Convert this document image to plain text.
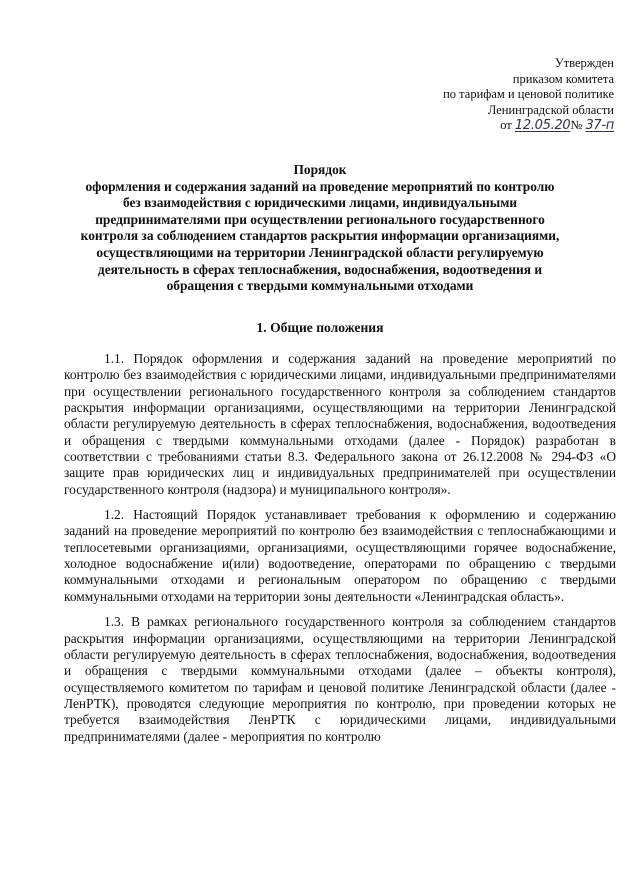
Утвержден
приказом комитета
по тарифам и ценовой политике
Ленинградской области
от 12.05.20№ 37-п
Порядок
оформления и содержания заданий на проведение мероприятий по контролю
без взаимодействия с юридическими лицами, индивидуальными
предпринимателями при осуществлении регионального государственного
контроля за соблюдением стандартов раскрытия информации организациями,
осуществляющими на территории Ленинградской области регулируемую
деятельность в сферах теплоснабжения, водоснабжения, водоотведения и
обращения с твердыми коммунальными отходами
1. Общие положения

1.1. Порядок оформления и содержания заданий на проведение мероприятий по контролю без взаимодействия с юридическими лицами, индивидуальными предпринимателями при осуществлении регионального государственного контроля за соблюдением стандартов раскрытия информации организациями, осуществляющими на территории Ленинградской области регулируемую деятельность в сферах теплоснабжения, водоснабжения, водоотведения и обращения с твердыми коммунальными отходами (далее - Порядок) разработан в соответствии с требованиями статьи 8.3. Федерального закона от 26.12.2008 № 294-ФЗ «О защите прав юридических лиц и индивидуальных предпринимателей при осуществлении государственного контроля (надзора) и муниципального контроля».

1.2. Настоящий Порядок устанавливает требования к оформлению и содержанию заданий на проведение мероприятий по контролю без взаимодействия с теплоснабжающими и теплосетевыми организациями, организациями, осуществляющими горячее водоснабжение, холодное водоснабжение и(или) водоотведение, операторами по обращению с твердыми коммунальными отходами и региональным оператором по обращению с твердыми коммунальными отходами на территории зоны деятельности «Ленинградская область».

1.3. В рамках регионального государственного контроля за соблюдением стандартов раскрытия информации организациями, осуществляющими на территории Ленинградской области регулируемую деятельность в сферах теплоснабжения, водоснабжения, водоотведения и обращения с твердыми коммунальными отходами (далее – объекты контроля), осуществляемого комитетом по тарифам и ценовой политике Ленинградской области (далее - ЛенРТК), проводятся следующие мероприятия по контролю, при проведении которых не требуется взаимодействия ЛенРТК с юридическими лицами, индивидуальными предпринимателями (далее - мероприятия по контролю
